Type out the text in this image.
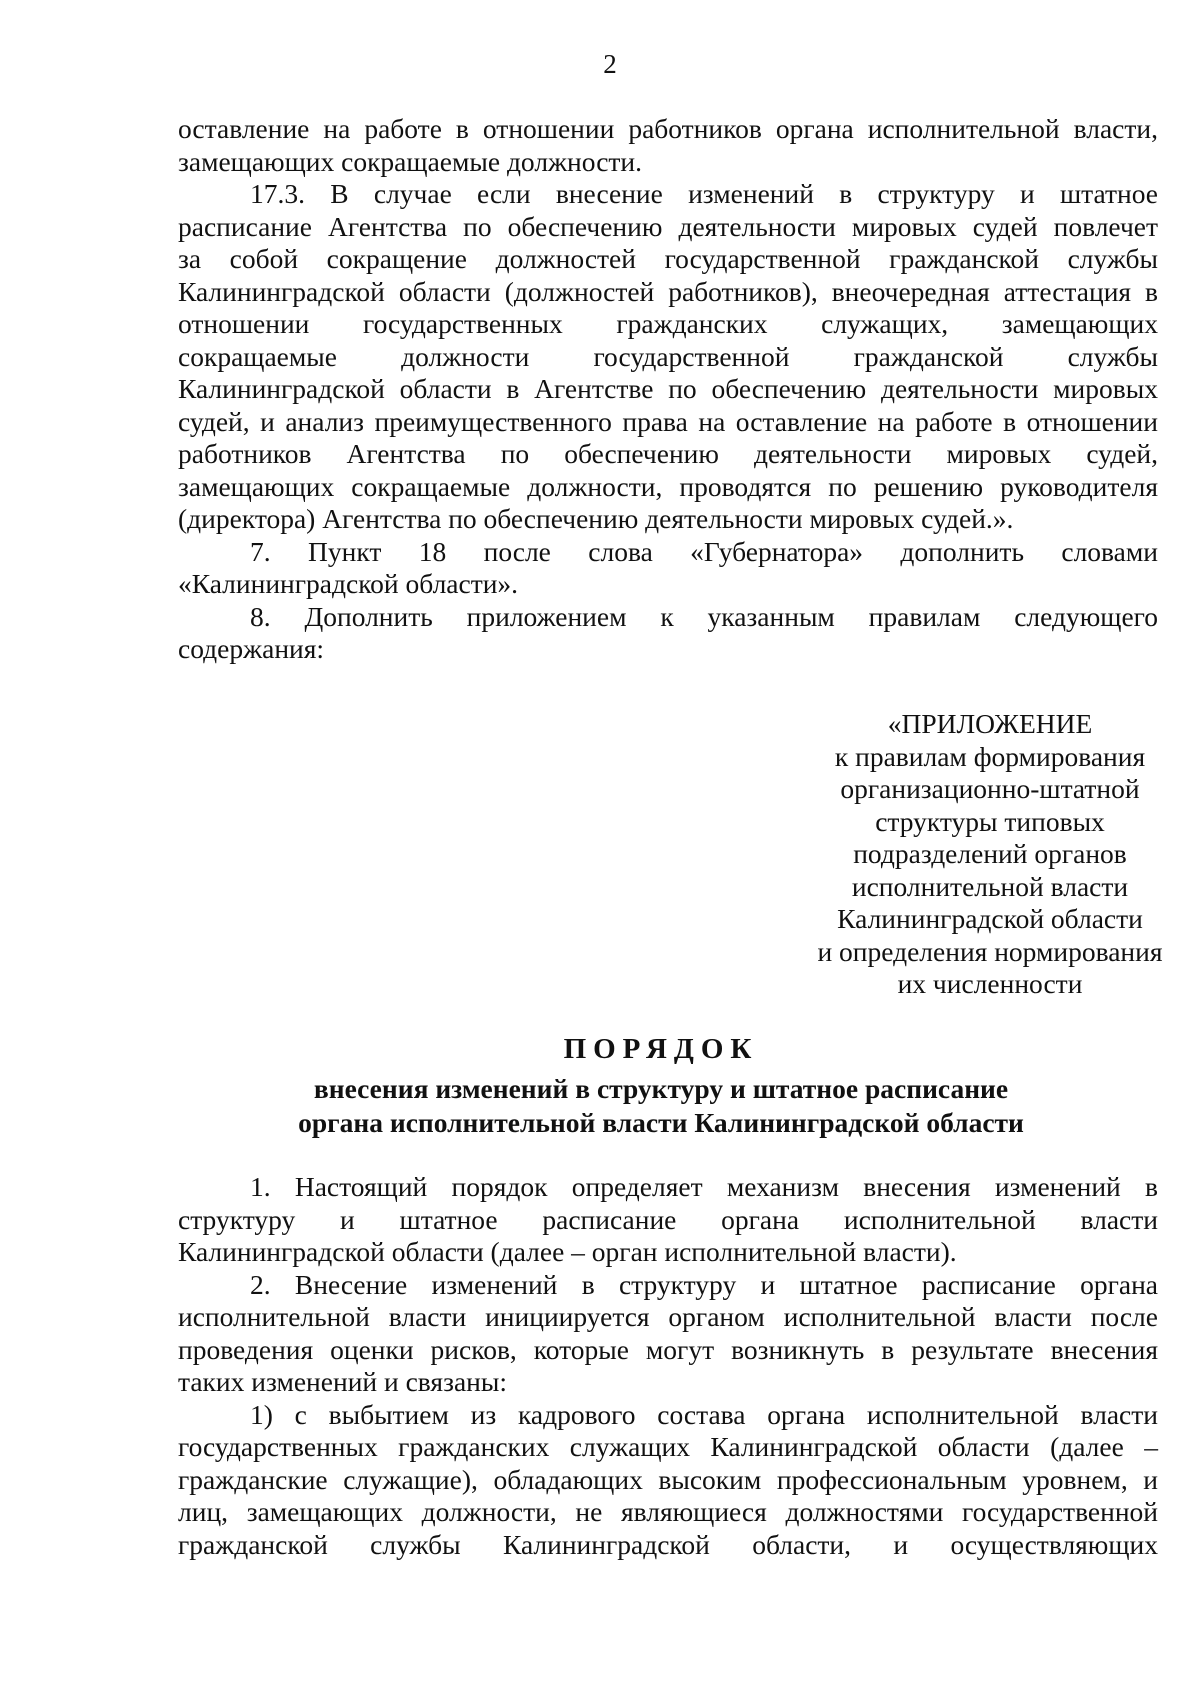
2

оставление на работе в отношении работников органа исполнительной власти,
замещающих сокращаемые должности.

17.3. В случае если внесение изменений в структуру и штатное
расписание Агентства по обеспечению деятельности мировых судей повлечет
за собой сокращение должностей государственной гражданской службы
Калининградской области (должностей работников), внеочередная аттестация в
отношении государственных гражданских служащих, замещающих
сокращаемые должности государственной гражданской службы
Калининградской области в Агентстве по обеспечению деятельности мировых
судей, и анализ преимущественного права на оставление на работе в отношении
работников Агентства по обеспечению деятельности мировых судей,
замещающих сокращаемые должности, проводятся по решению руководителя
(директора) Агентства по обеспечению деятельности мировых судей.».

7. Пункт 18 после слова «Губернатора» дополнить словами
«Калининградской области».

8. Дополнить приложением к указанным правилам следующего
содержания:

«ПРИЛОЖЕНИЕ
к правилам формирования
организационно-штатной
структуры типовых
подразделений органов
исполнительной власти
Калининградской области
и определения нормирования
их численности
ПОРЯДОК
внесения изменений в структуру и штатное расписание
органа исполнительной власти Калининградской области

1. Настоящий порядок определяет механизм внесения изменений в
структуру и штатное расписание органа исполнительной власти
Калининградской области (далее – орган исполнительной власти).

2. Внесение изменений в структуру и штатное расписание органа
исполнительной власти инициируется органом исполнительной власти после
проведения оценки рисков, которые могут возникнуть в результате внесения
таких изменений и связаны:

1) с выбытием из кадрового состава органа исполнительной власти
государственных гражданских служащих Калининградской области (далее –
гражданские служащие), обладающих высоким профессиональным уровнем, и
лиц, замещающих должности, не являющиеся должностями государственной
гражданской службы Калининградской области, и осуществляющих
